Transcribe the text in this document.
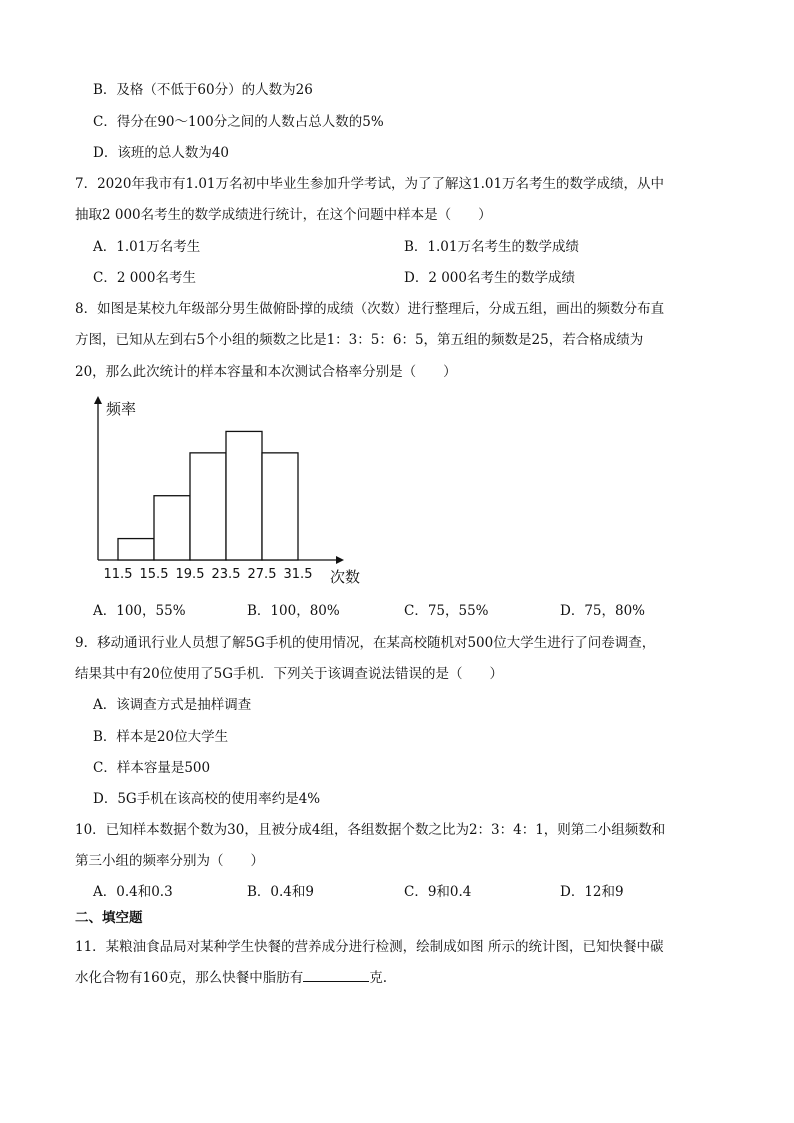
B．及格（不低于60分）的人数为26
C．得分在90～100分之间的人数占总人数的5%
D．该班的总人数为40
7．2020年我市有1.01万名初中毕业生参加升学考试，为了了解这1.01万名考生的数学成绩，从中
抽取2 000名考生的数学成绩进行统计，在这个问题中样本是（　　）
A．1.01万名考生	B．1.01万名考生的数学成绩
C．2 000名考生	D．2 000名考生的数学成绩
8．如图是某校九年级部分男生做俯卧撑的成绩（次数）进行整理后，分成五组，画出的频数分布直
方图，已知从左到右5个小组的频数之比是1：3：5：6：5，第五组的频数是25，若合格成绩为
20，那么此次统计的样本容量和本次测试合格率分别是（　　）
频率
次数
11.5 15.5 19.5 23.5 27.5 31.5
A．100，55%	B．100，80%	C．75，55%	D．75，80%
9．移动通讯行业人员想了解5G手机的使用情况，在某高校随机对500位大学生进行了问卷调查，
结果其中有20位使用了5G手机．下列关于该调查说法错误的是（　　）
A．该调查方式是抽样调查
B．样本是20位大学生
C．样本容量是500
D．5G手机在该高校的使用率约是4%
10．已知样本数据个数为30，且被分成4组，各组数据个数之比为2：3：4：1，则第二小组频数和
第三小组的频率分别为（　　）
A．0.4和0.3	B．0.4和9	C．9和0.4	D．12和9
二、填空题
11．某粮油食品局对某种学生快餐的营养成分进行检测，绘制成如图 所示的统计图，已知快餐中碳
水化合物有160克，那么快餐中脂肪有	克.
